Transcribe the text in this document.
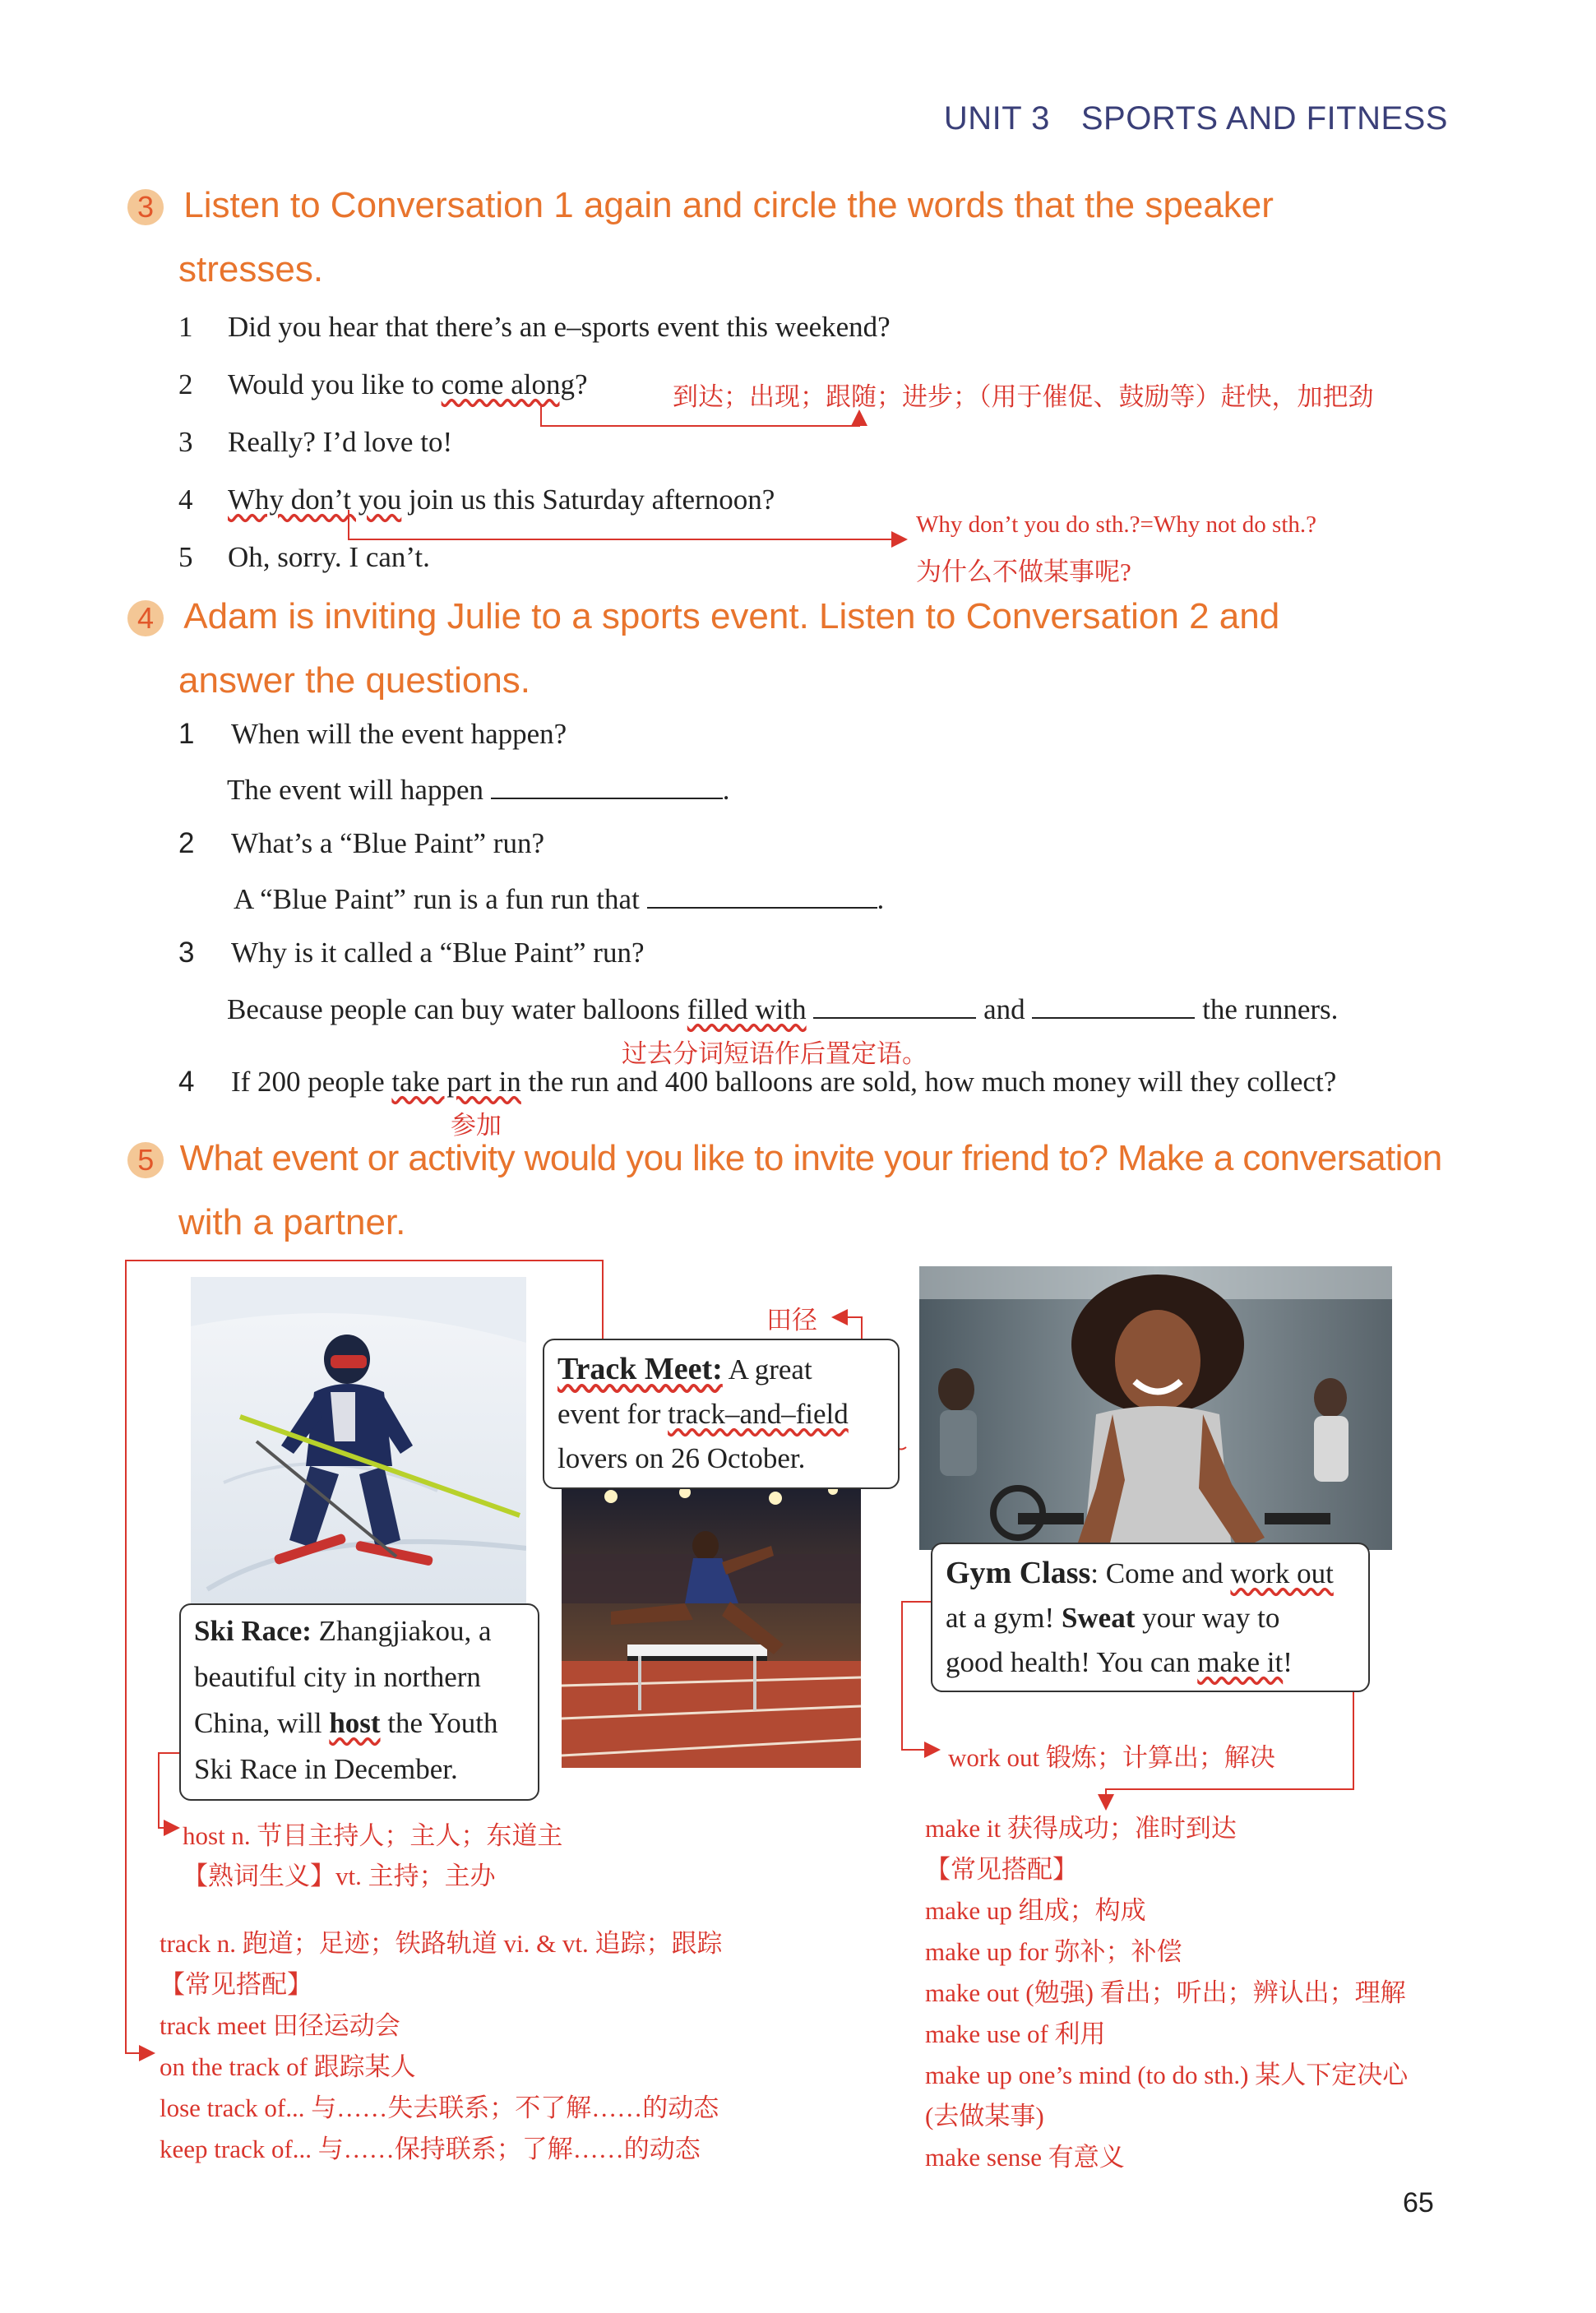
UNIT 3 SPORTS AND FITNESS
3 Listen to Conversation 1 again and circle the words that the speaker
stresses.
1 Did you hear that there’s an e–sports event this weekend?
2 Would you like to come along?	到达；出现；跟随；进步；（用于催促、鼓励等）赶快，加把劲
3 Really? I’d love to!
4 Why don’t you join us this Saturday afternoon?
Why don’t you do sth.?=Why not do sth.?
为什么不做某事呢?
5 Oh, sorry. I can’t.
4 Adam is inviting Julie to a sports event. Listen to Conversation 2 and
answer the questions.
1 When will the event happen?
The event will happen	.
2 What’s a “Blue Paint” run?
A “Blue Paint” run is a fun run that	.
3 Why is it called a “Blue Paint” run?
Because people can buy water balloons filled with	and	the runners.
过去分词短语作后置定语。
4 If 200 people take part in the run and 400 balloons are sold, how much money will they collect?
参加
5 What event or activity would you like to invite your friend to? Make a conversation
with a partner.
Ski Race: Zhangjiakou, a
beautiful city in northern
China, will host the Youth
Ski Race in December.
Track Meet: A great
event for track–and–field
lovers on 26 October.
田径
Gym Class: Come and work out
at a gym! Sweat your way to
good health! You can make it!
host n. 节目主持人；主人；东道主
【熟词生义】vt. 主持；主办
track n. 跑道；足迹；铁路轨道 vi. & vt. 追踪；跟踪
【常见搭配】
track meet 田径运动会
on the track of 跟踪某人
lose track of... 与……失去联系；不了解……的动态
keep track of... 与……保持联系；了解……的动态
work out 锻炼；计算出；解决
make it 获得成功；准时到达
【常见搭配】
make up 组成；构成
make up for 弥补；补偿
make out (勉强) 看出；听出；辨认出；理解
make use of 利用
make up one’s mind (to do sth.) 某人下定决心
(去做某事)
make sense 有意义
65
